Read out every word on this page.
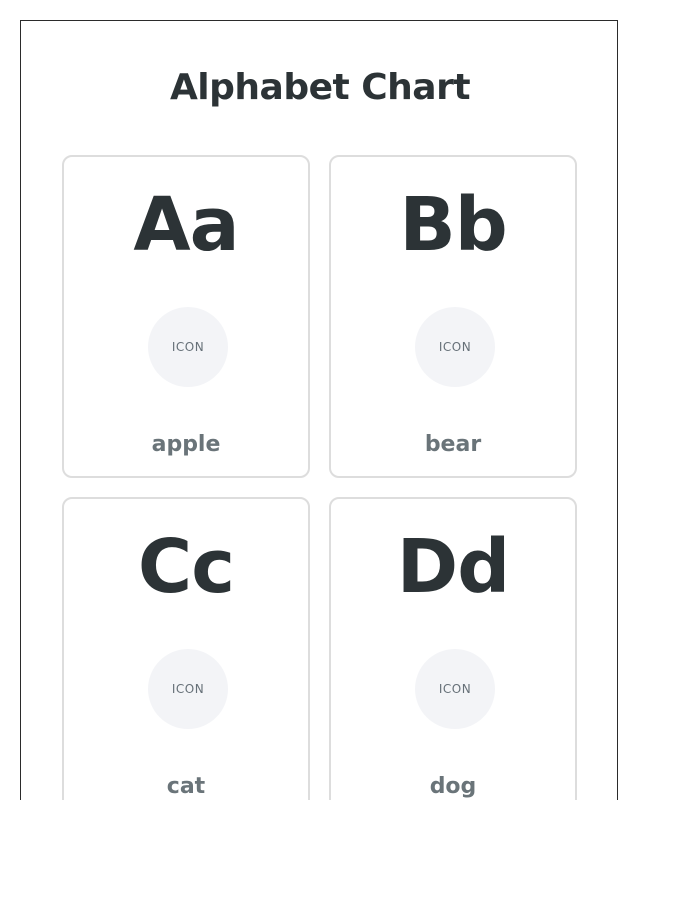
Alphabet Chart
Aa
ICON
apple
Bb
ICON
bear
Cc
ICON
cat
Dd
ICON
dog
